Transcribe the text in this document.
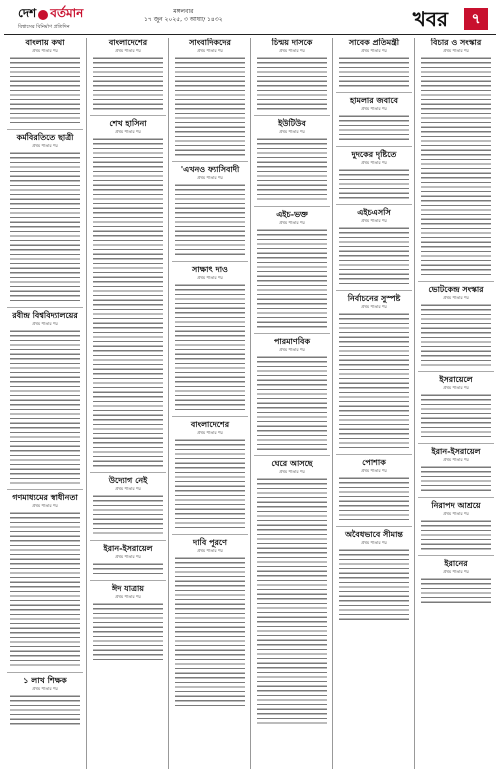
দেশ বর্তমান
বিশ্বাসের বিনির্মাণ প্রতিদিন
মঙ্গলবার
১৭ জুন ২০২৫, ৩ আষাঢ় ১৪৩২	খবর	৭
বাংলায় কথা
প্রথম পাতার পর
কর্মবিরতিতে ছাত্রী
প্রথম পাতার পর
রবীন্দ্র বিশ্ববিদ্যালয়ের
প্রথম পাতার পর
গণমাধ্যমের স্বাধীনতা
প্রথম পাতার পর
১ লাখ শিক্ষক
প্রথম পাতার পর
বাংলাদেশের
প্রথম পাতার পর
শেখ হাসিনা
প্রথম পাতার পর
উদ্যোগ নেই
প্রথম পাতার পর
ইরান-ইসরায়েল
প্রথম পাতার পর
ঈদ যাত্রায়
প্রথম পাতার পর
সাংবাদিকদের
প্রথম পাতার পর
'এখনও ফ্যাসিবাদী
প্রথম পাতার পর
সাক্ষাৎ দাও
প্রথম পাতার পর
বাংলাদেশের
প্রথম পাতার পর
দাবি পূরণে
প্রথম পাতার পর
চিন্ময় দাসকে
প্রথম পাতার পর
ইউটিউব
প্রথম পাতার পর
এইচ-ভক্ত
প্রথম পাতার পর
পারমাণবিক
প্রথম পাতার পর
ঘেরে আসছে
প্রথম পাতার পর
সাবেক প্রতিমন্ত্রী
প্রথম পাতার পর
হামলার জবাবে
প্রথম পাতার পর
দুদকের দৃষ্টিতে
প্রথম পাতার পর
এইচএসসি
প্রথম পাতার পর
নির্বাচনের সুস্পষ্ট
প্রথম পাতার পর
পোশাক
প্রথম পাতার পর
অবৈধভাবে সীমান্ত
প্রথম পাতার পর
বিচার ও সংস্কার
প্রথম পাতার পর
ভোটকেন্দ্র সংস্কার
প্রথম পাতার পর
ইসরায়েলে
প্রথম পাতার পর
ইরান-ইসরায়েল
প্রথম পাতার পর
নিরাপদ আশ্রয়ে
প্রথম পাতার পর
ইরানের
প্রথম পাতার পর
